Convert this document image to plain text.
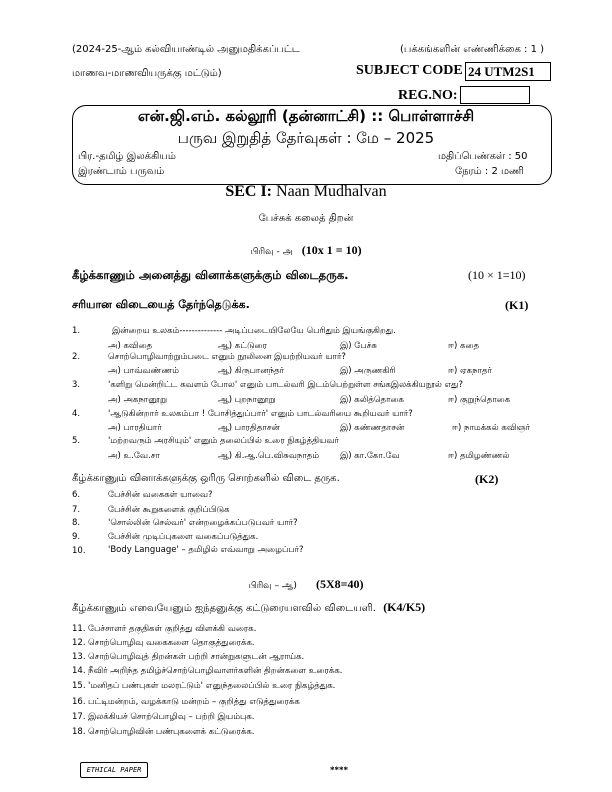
(2024-25-ஆம் கல்வியாண்டில் அனுமதிக்கப்பட்ட	(பக்கங்களின் எண்ணிக்கை : 1 )
மாணவ-மாணவியருக்கு மட்டும்)	SUBJECT CODE 24 UTM2S1
REG.NO:
என்.ஜி.எம். கல்லூரி (தன்னாட்சி) :: பொள்ளாச்சி
பருவ இறுதித் தேர்வுகள் : மே – 2025
பிர.-தமிழ் இலக்கியம்	மதிப்பெண்கள் : 50
இரண்டாம் பருவம்	நேரம் : 2 மணி
SEC I: Naan Mudhalvan
பேச்சுக் கலைத் திறன்
பிரிவு - அ (10x 1 = 10)
கீழ்க்காணும் அனைத்து வினாக்களுக்கும் விடைதருக.	(10 × 1=10)
சரியான விடையைத் தேர்ந்தெடுக்க.	(K1)
1.	இன்றைய உலகம்-------------- அடிப்படையிலேயே பெரிதும் இயங்குகிறது.
அ) கவிதை	ஆ) கட்டுரை	இ) பேச்சு	ஈ) கதை
2.	சொற்பொழிவாற்றும்படை எனும் நூலினை இயற்றியவர் யார்?
அ) பாவ்வண்ணம்	ஆ) கிருபானந்தர்	இ) அருணகிரி	ஈ) ஏகநாதர்
3.	'களிறு மென்றிட்ட கவளம் போல' எனும் பாடல்வரி இடம்பெற்றுள்ள சங்கஇலக்கியநூல் எது?
அ) அகநானூறு	ஆ) புறநானூறு	இ) கலித்தொகை	ஈ) குறுந்தொகை
4.	'ஆடுகின்றார் உலகம்பா ! போசித்துப்பார்' எனும் பாடல்வரியை கூறியவர் யார்?
அ) பாரதியார்	ஆ) பாரதிதாசன்	இ) கண்ணதாசன்	ஈ) நாமக்கல் கவிஞர்
5.	'மற்றவரும் அரசியும்' எனும் தலைப்பில் உரை நிகழ்த்தியவர்
அ) உ.வே.சா	ஆ) கி.ஆ.பெ.விசுவநாதம் இ) கா.கோ.வே	ஈ) தமிழண்ணல்
கீழ்க்காணும் வினாக்களுக்கு ஒரிரு சொற்களில் விடை தருக.	(K2)
6.	பேச்சின் வகைகள் யாவை?
7.	பேச்சின் கூறுகளைக் குறிப்பிடுக
8.	'சொல்லின் செல்வர்' என்றழைக்கப்படுபவர் யார்?
9.	பேச்சின் முடிப்புகளை வகைப்படுத்துக.
10.	'Body Language' – தமிழில் எவ்வாறு அழைப்பர்?
பிரிவு – ஆ) (5X8=40)
கீழ்க்காணும் எவையேனும் ஐந்தனுக்கு கட்டுரையளவில் விடையளி. (K4/K5)
11. பேச்சாளர் தகுதிகள் குறித்து விளக்கி வரைக.
12. சொற்பொழிவு வகைகளை தொகுத்துரைக்க.
13. சொற்பொழிவுத் திறன்கள் பற்றி சான்றுகளுடன் ஆராய்க.
14. நீவிர் அறிந்த தமிழ்ச்சொற்பொழிவாளர்களின் திறன்களை உரைக்க.
15. 'மனிதப் பண்புகள் மலரட்டும்' எனுந்தலைப்பில் உரை நிகழ்த்துக.
16. பட்டிமன்றம், வழக்காடு மன்றம் – குறித்து எடுத்துரைக்க
17. இலக்கியச் சொற்பொழிவு – பற்றி இயம்புக.
18. சொற்பொழிவின் பண்புகளைக் கட்டுரைக்க.
ETHICAL PAPER	****
